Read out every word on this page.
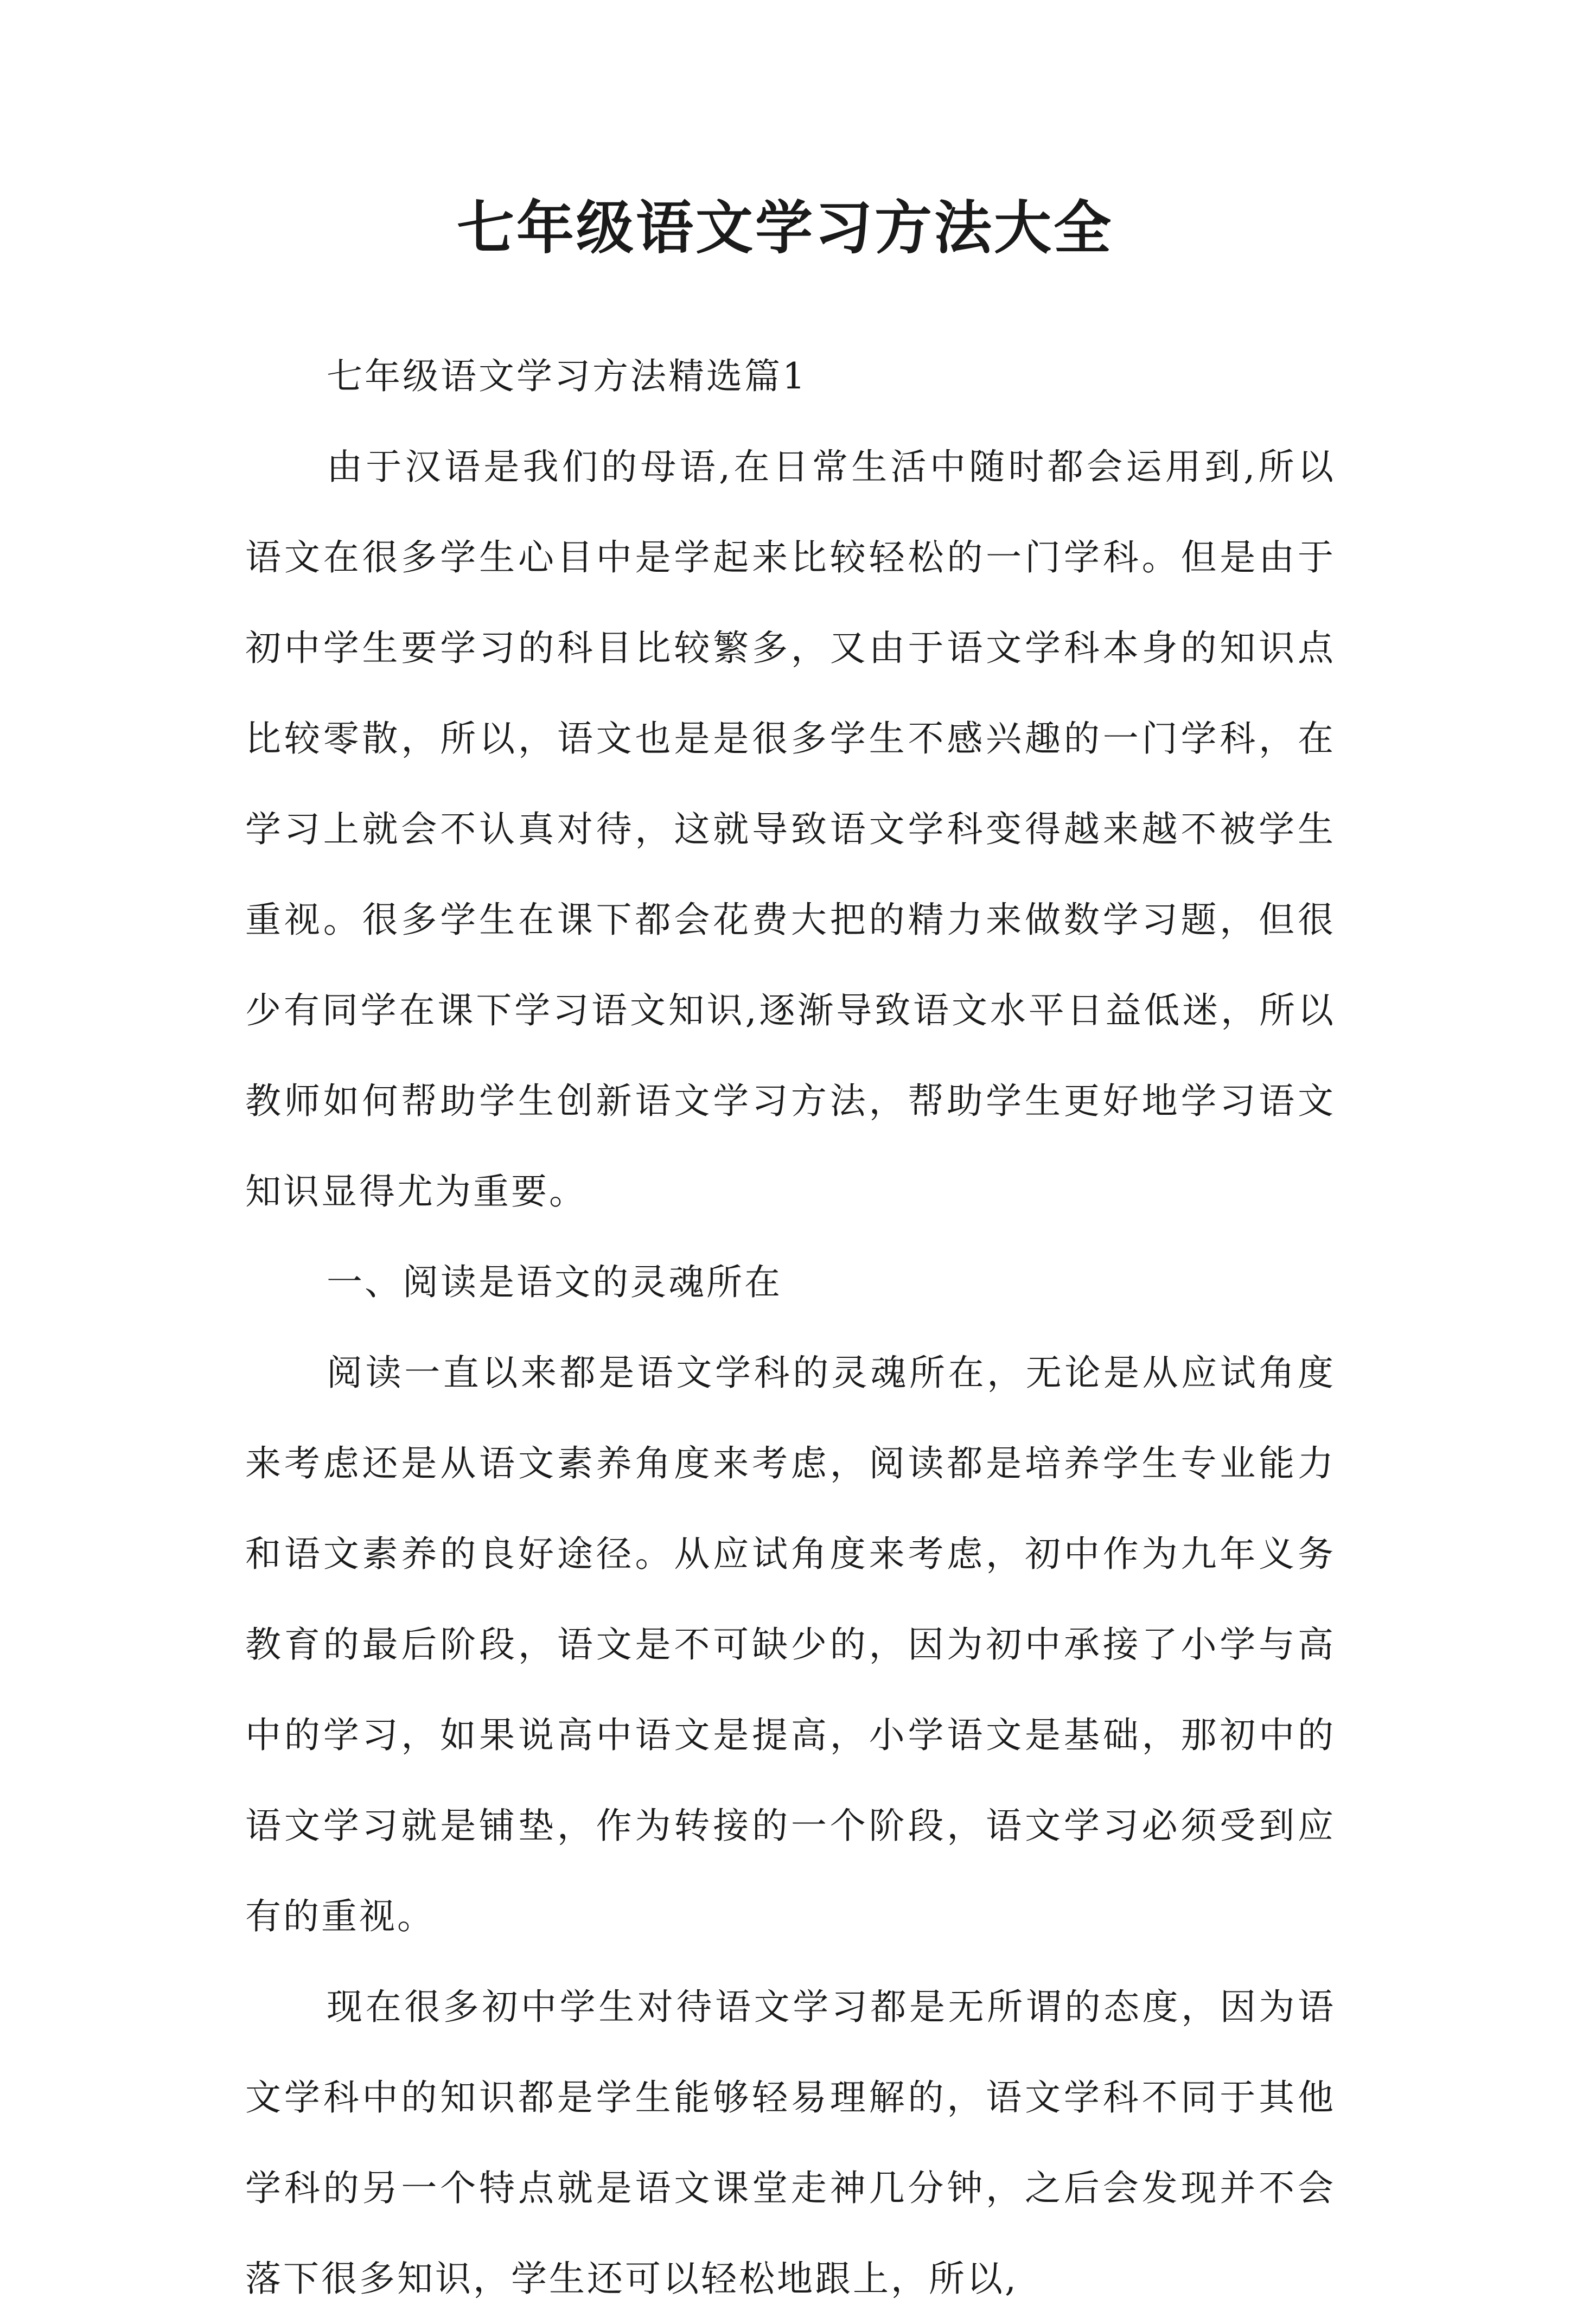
七年级语文学习方法大全

七年级语文学习方法精选篇1

由于汉语是我们的母语,在日常生活中随时都会运用到,所以语文在很多学生心目中是学起来比较轻松的一门学科。但是由于初中学生要学习的科目比较繁多，又由于语文学科本身的知识点比较零散，所以，语文也是是很多学生不感兴趣的一门学科，在学习上就会不认真对待，这就导致语文学科变得越来越不被学生重视。很多学生在课下都会花费大把的精力来做数学习题，但很少有同学在课下学习语文知识,逐渐导致语文水平日益低迷，所以教师如何帮助学生创新语文学习方法，帮助学生更好地学习语文知识显得尤为重要。

一、阅读是语文的灵魂所在

阅读一直以来都是语文学科的灵魂所在，无论是从应试角度来考虑还是从语文素养角度来考虑，阅读都是培养学生专业能力和语文素养的良好途径。从应试角度来考虑，初中作为九年义务教育的最后阶段，语文是不可缺少的，因为初中承接了小学与高中的学习，如果说高中语文是提高，小学语文是基础，那初中的语文学习就是铺垫，作为转接的一个阶段，语文学习必须受到应有的重视。

现在很多初中学生对待语文学习都是无所谓的态度，因为语文学科中的知识都是学生能够轻易理解的，语文学科不同于其他学科的另一个特点就是语文课堂走神几分钟，之后会发现并不会落下很多知识，学生还可以轻松地跟上，所以,
